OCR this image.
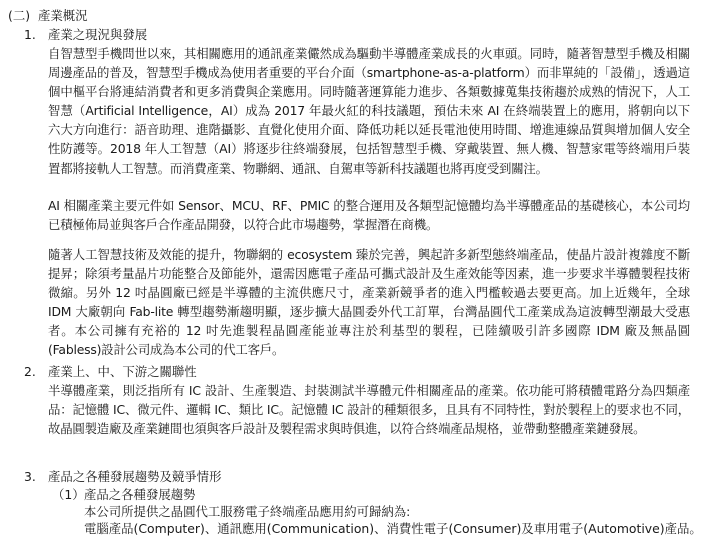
(二) 產業概況
1. 產業之現況與發展
自智慧型手機問世以來，其相關應用的通訊產業儼然成為驅動半導體產業成長的火車頭。同時，隨著智慧型手機及相關周邊產品的普及，智慧型手機成為使用者重要的平台介面（smartphone-as-a-platform）而非單純的「設備」，透過這個中樞平台將連結消費者和更多消費與企業應用。同時隨著運算能力進步、各類數據蒐集技術趨於成熟的情況下，人工智慧（Artificial Intelligence，AI）成為 2017 年最火紅的科技議題，預估未來 AI 在終端裝置上的應用，將朝向以下六大方向進行：語音助理、進階攝影、直覺化使用介面、降低功耗以延長電池使用時間、增進連線品質與增加個人安全性防護等。2018 年人工智慧（AI）將逐步往終端發展，包括智慧型手機、穿戴裝置、無人機、智慧家電等終端用戶裝置都將接軌人工智慧。而消費產業、物聯網、通訊、自駕車等新科技議題也將再度受到關注。
AI 相關產業主要元件如 Sensor、MCU、RF、PMIC 的整合運用及各類型記憶體均為半導體產品的基礎核心，本公司均已積極佈局並與客戶合作產品開發，以符合此市場趨勢，掌握潛在商機。
隨著人工智慧技術及效能的提升，物聯網的 ecosystem 臻於完善，興起許多新型態終端產品，使晶片設計複雜度不斷提昇；除須考量晶片功能整合及節能外，還需因應電子產品可攜式設計及生產效能等因素，進一步要求半導體製程技術微縮。另外 12 吋晶圓廠已經是半導體的主流供應尺寸，產業新競爭者的進入門檻較過去要更高。加上近幾年，全球 IDM 大廠朝向 Fab-lite 轉型趨勢漸趨明顯，逐步擴大晶圓委外代工訂單，台灣晶圓代工產業成為這波轉型潮最大受惠者。本公司擁有充裕的 12 吋先進製程晶圓產能並專注於利基型的製程，已陸續吸引許多國際 IDM 廠及無晶圓(Fabless)設計公司成為本公司的代工客戶。
2. 產業上、中、下游之關聯性
半導體產業，則泛指所有 IC 設計、生產製造、封裝測試半導體元件相關產品的產業。依功能可將積體電路分為四類產品：記憶體 IC、微元件、邏輯 IC、類比 IC。記憶體 IC 設計的種類很多，且具有不同特性，對於製程上的要求也不同，故晶圓製造廠及產業鏈間也須與客戶設計及製程需求與時俱進，以符合終端產品規格，並帶動整體產業鏈發展。
3. 產品之各種發展趨勢及競爭情形
（1） 產品之各種發展趨勢
本公司所提供之晶圓代工服務電子終端產品應用約可歸納為:
電腦產品(Computer)、通訊應用(Communication)、消費性電子(Consumer)及車用電子(Automotive)產品。
